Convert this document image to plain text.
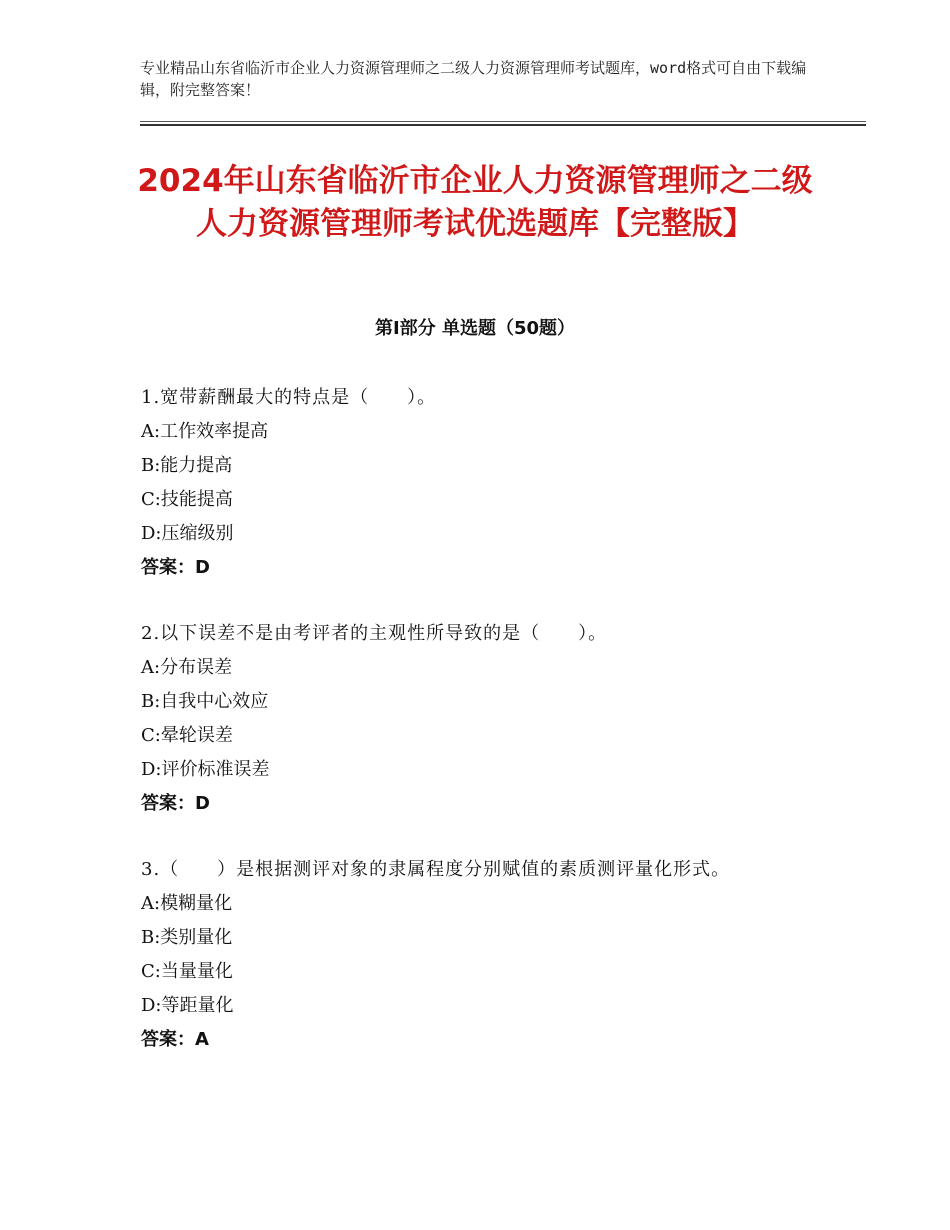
专业精品山东省临沂市企业人力资源管理师之二级人力资源管理师考试题库，word格式可自由下载编辑，附完整答案！
2024年山东省临沂市企业人力资源管理师之二级人力资源管理师考试优选题库【完整版】
第Ⅰ部分 单选题（50题）
1.宽带薪酬最大的特点是（　　）。
A:工作效率提高
B:能力提高
C:技能提高
D:压缩级别
答案：D
2.以下误差不是由考评者的主观性所导致的是（　　）。
A:分布误差
B:自我中心效应
C:晕轮误差
D:评价标准误差
答案：D
3.（　　）是根据测评对象的隶属程度分别赋值的素质测评量化形式。
A:模糊量化
B:类别量化
C:当量量化
D:等距量化
答案：A
